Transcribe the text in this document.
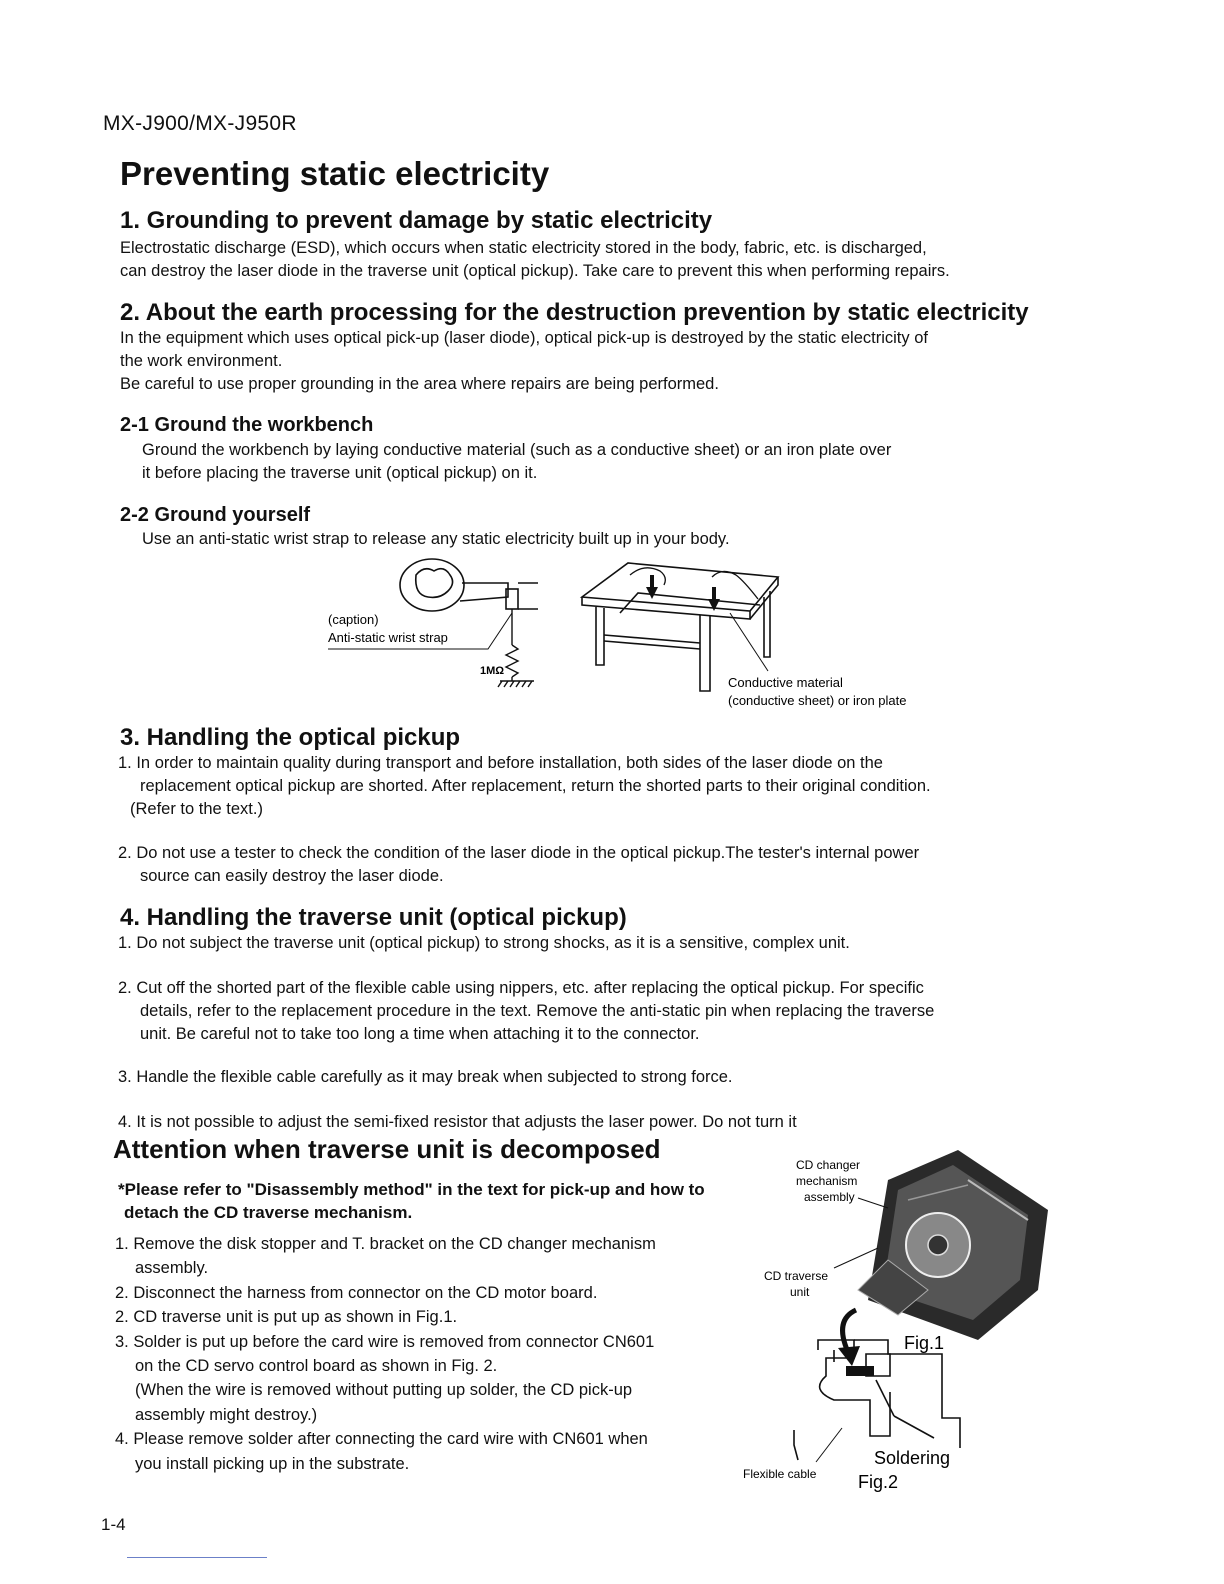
MX-J900/MX-J950R
Preventing static electricity
1. Grounding to prevent damage by static electricity
Electrostatic discharge (ESD), which occurs when static electricity stored in the body, fabric, etc. is discharged,
can destroy the laser diode in the traverse unit (optical pickup). Take care to prevent this when performing repairs.
2. About the earth processing for the destruction prevention by static electricity
In the equipment which uses optical pick-up (laser diode), optical pick-up is destroyed by the static electricity of
the work environment.
Be careful to use proper grounding in the area where repairs are being performed.
2-1 Ground the workbench
Ground the workbench by laying conductive material (such as a conductive sheet) or an iron plate over
it before placing the traverse unit (optical pickup) on it.
2-2 Ground yourself
Use an anti-static wrist strap to release any static electricity built up in your body.
(caption)
Anti-static wrist strap
1MΩ
Conductive material
(conductive sheet) or iron plate
3. Handling the optical pickup
1. In order to maintain quality during transport and before installation, both sides of the laser diode on the
replacement optical pickup are shorted. After replacement, return the shorted parts to their original condition.
(Refer to the text.)
2. Do not use a tester to check the condition of the laser diode in the optical pickup.The tester's internal power
source can easily destroy the laser diode.
4. Handling the traverse unit (optical pickup)
1. Do not subject the traverse unit (optical pickup) to strong shocks, as it is a sensitive, complex unit.
2. Cut off the shorted part of the flexible cable using nippers, etc. after replacing the optical pickup. For specific
details, refer to the replacement procedure in the text. Remove the anti-static pin when replacing the traverse
unit. Be careful not to take too long a time when attaching it to the connector.
3. Handle the flexible cable carefully as it may break when subjected to strong force.
4. It is not possible to adjust the semi-fixed resistor that adjusts the laser power. Do not turn it
Attention when traverse unit is decomposed
*Please refer to "Disassembly method" in the text for pick-up and how to
detach the CD traverse mechanism.
1. Remove the disk stopper and T. bracket on the CD changer mechanism
assembly.
2. Disconnect the harness from connector on the CD motor board.
2. CD traverse unit is put up as shown in Fig.1.
3. Solder is put up before the card wire is removed from connector CN601
on the CD servo control board as shown in Fig. 2.
(When the wire is removed without putting up solder, the CD pick-up
assembly might destroy.)
4. Please remove solder after connecting the card wire with CN601 when
you install picking up in the substrate.
CD changer
mechanism
assembly
CD traverse
unit
Fig.1
Soldering
Flexible cable Fig.2
1-4
